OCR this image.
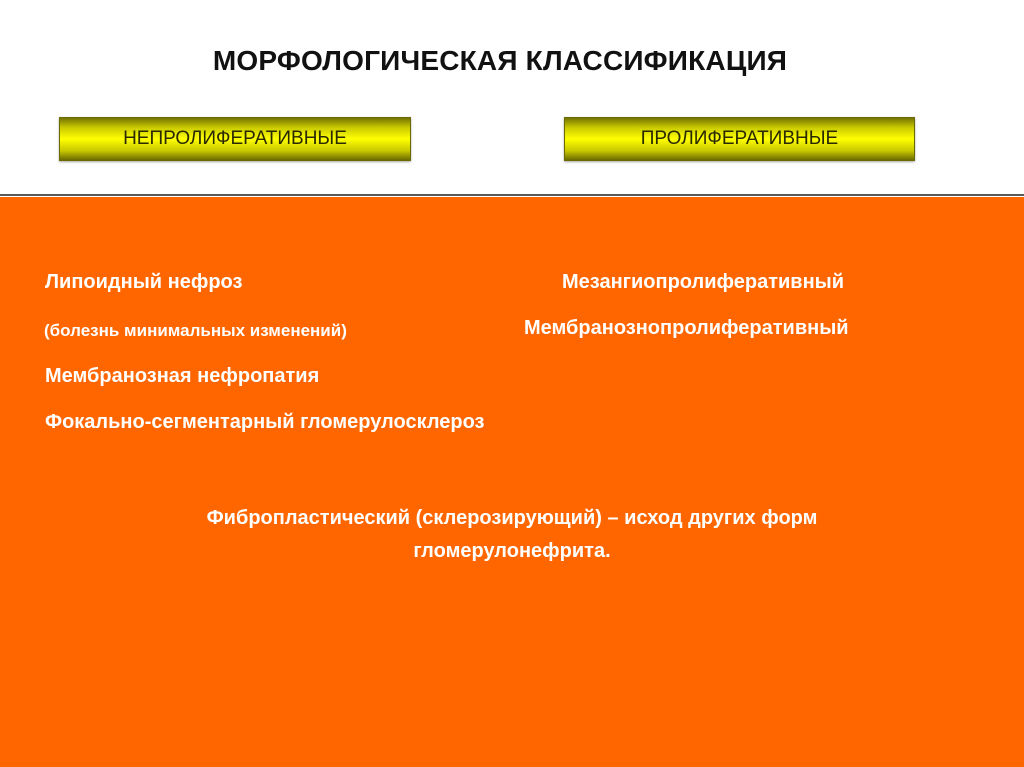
МОРФОЛОГИЧЕСКАЯ КЛАССИФИКАЦИЯ
НЕПРОЛИФЕРАТИВНЫЕ	ПРОЛИФЕРАТИВНЫЕ
Липоидный нефроз
(болезнь минимальных изменений)
Мембранозная нефропатия
Фокально-сегментарный гломерулосклероз
Мезангиопролиферативный
Мембранознопролиферативный
Фибропластический (склерозирующий) – исход других форм
гломерулонефрита.
